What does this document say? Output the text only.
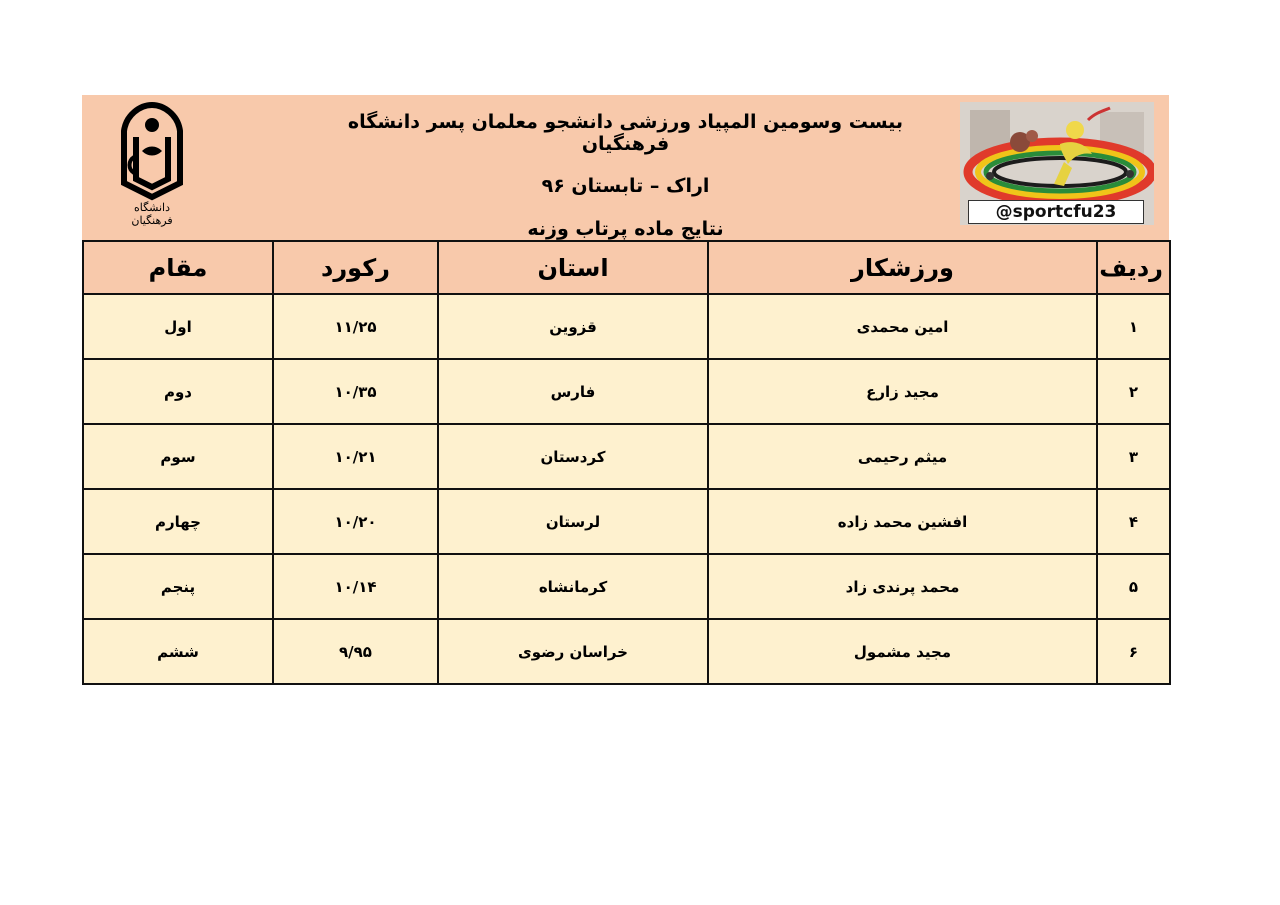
دانشگاه فرهنگیان
بیست وسومین المپیاد ورزشی دانشجو معلمان پسر دانشگاه فرهنگیان
اراک – تابستان ۹۶
نتایج ماده پرتاب وزنه
@sportcfu23
ردیف	ورزشکار	استان	رکورد	مقام
۱	امین محمدی	قزوین	۱۱/۲۵	اول
۲	مجید زارع	فارس	۱۰/۳۵	دوم
۳	میثم رحیمی	کردستان	۱۰/۲۱	سوم
۴	افشین محمد زاده	لرستان	۱۰/۲۰	چهارم
۵	محمد پرندی زاد	کرمانشاه	۱۰/۱۴	پنجم
۶	مجید مشمول	خراسان رضوی	۹/۹۵	ششم
